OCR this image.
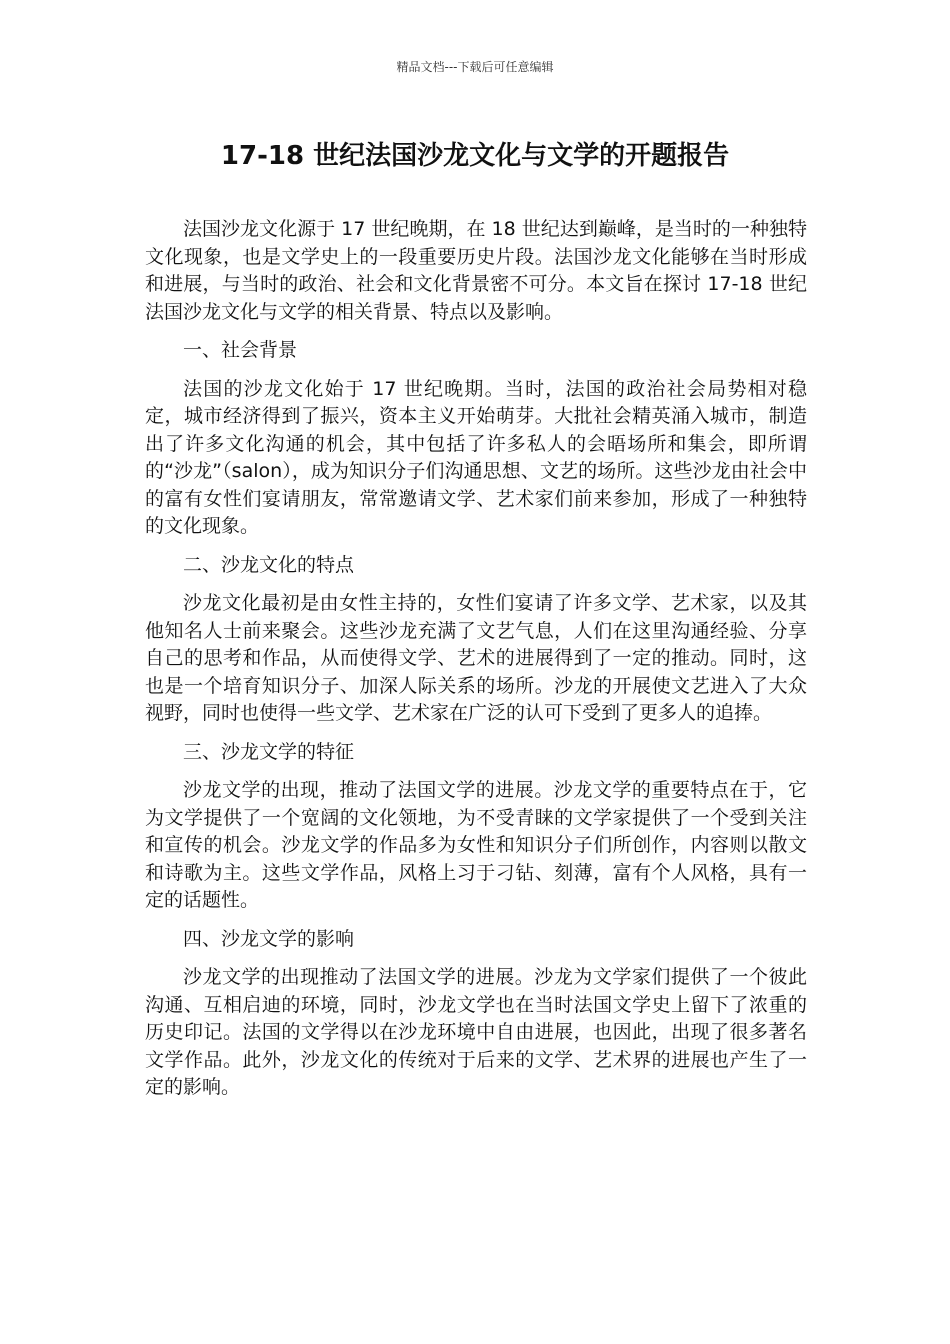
精品文档---下载后可任意编辑
17-18 世纪法国沙龙文化与文学的开题报告

法国沙龙文化源于 17 世纪晚期，在 18 世纪达到巅峰，是当时的一种独特文化现象，也是文学史上的一段重要历史片段。法国沙龙文化能够在当时形成和进展，与当时的政治、社会和文化背景密不可分。本文旨在探讨 17-18 世纪法国沙龙文化与文学的相关背景、特点以及影响。

一、社会背景

法国的沙龙文化始于 17 世纪晚期。当时，法国的政治社会局势相对稳定，城市经济得到了振兴，资本主义开始萌芽。大批社会精英涌入城市，制造出了许多文化沟通的机会，其中包括了许多私人的会晤场所和集会，即所谓的“沙龙”（salon），成为知识分子们沟通思想、文艺的场所。这些沙龙由社会中的富有女性们宴请朋友，常常邀请文学、艺术家们前来参加，形成了一种独特的文化现象。

二、沙龙文化的特点

沙龙文化最初是由女性主持的，女性们宴请了许多文学、艺术家，以及其他知名人士前来聚会。这些沙龙充满了文艺气息，人们在这里沟通经验、分享自己的思考和作品，从而使得文学、艺术的进展得到了一定的推动。同时，这也是一个培育知识分子、加深人际关系的场所。沙龙的开展使文艺进入了大众视野，同时也使得一些文学、艺术家在广泛的认可下受到了更多人的追捧。

三、沙龙文学的特征

沙龙文学的出现，推动了法国文学的进展。沙龙文学的重要特点在于，它为文学提供了一个宽阔的文化领地，为不受青睐的文学家提供了一个受到关注和宣传的机会。沙龙文学的作品多为女性和知识分子们所创作，内容则以散文和诗歌为主。这些文学作品，风格上习于刁钻、刻薄，富有个人风格，具有一定的话题性。

四、沙龙文学的影响

沙龙文学的出现推动了法国文学的进展。沙龙为文学家们提供了一个彼此沟通、互相启迪的环境，同时，沙龙文学也在当时法国文学史上留下了浓重的历史印记。法国的文学得以在沙龙环境中自由进展，也因此，出现了很多著名文学作品。此外，沙龙文化的传统对于后来的文学、艺术界的进展也产生了一定的影响。
